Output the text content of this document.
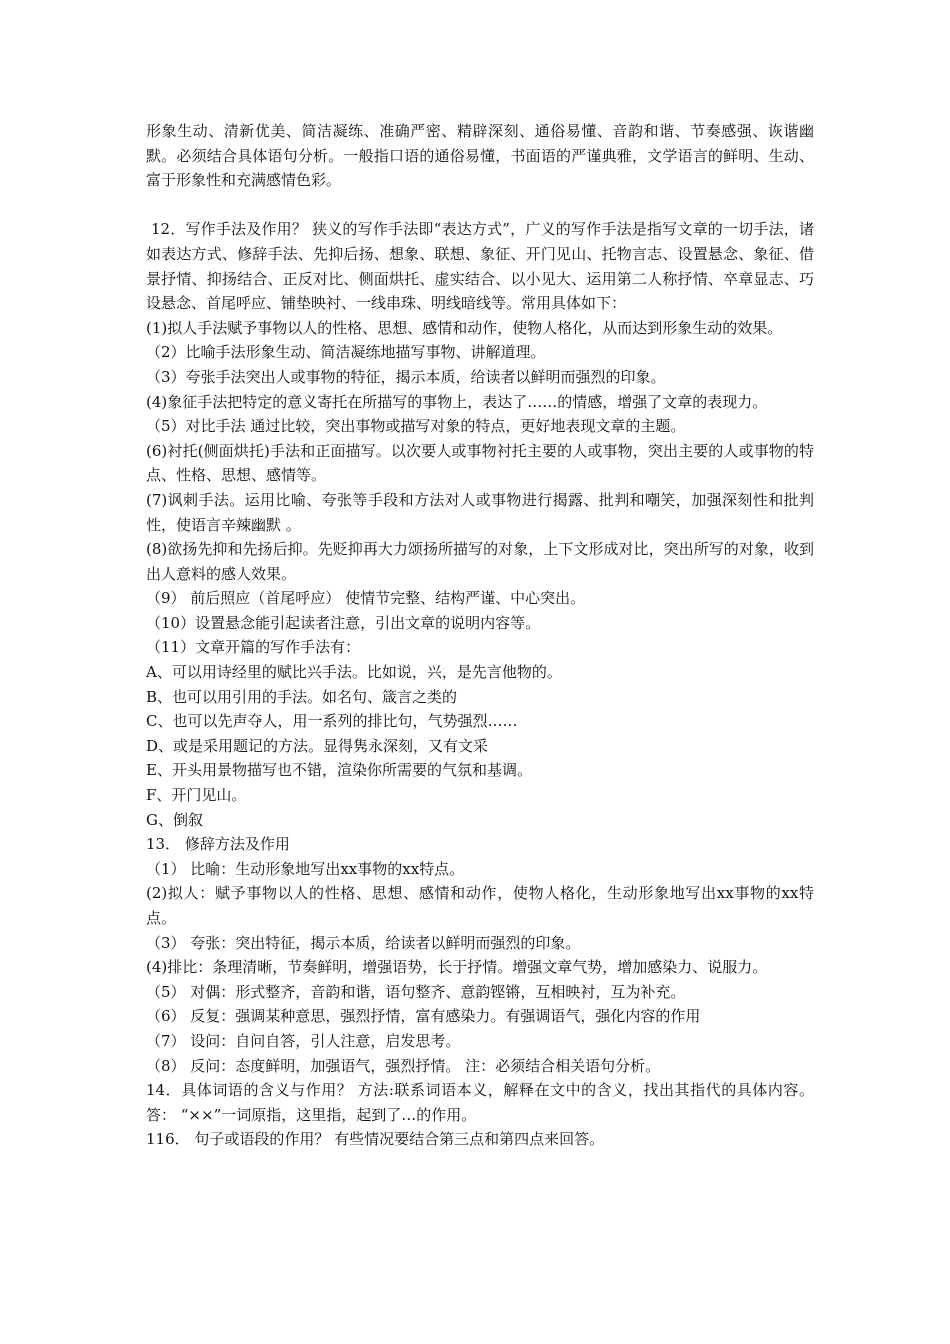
形象生动、清新优美、简洁凝练、准确严密、精辟深刻、通俗易懂、音韵和谐、节奏感强、诙谐幽默。必须结合具体语句分析。一般指口语的通俗易懂，书面语的严谨典雅，文学语言的鲜明、生动、富于形象性和充满感情色彩。

12．写作手法及作用？ 狭义的写作手法即“表达方式”，广义的写作手法是指写文章的一切手法，诸如表达方式、修辞手法、先抑后扬、想象、联想、象征、开门见山、托物言志、设置悬念、象征、借景抒情、抑扬结合、正反对比、侧面烘托、虚实结合、以小见大、运用第二人称抒情、卒章显志、巧设悬念、首尾呼应、铺垫映衬、一线串珠、明线暗线等。常用具体如下：

(1)拟人手法赋予事物以人的性格、思想、感情和动作，使物人格化，从而达到形象生动的效果。

（2）比喻手法形象生动、简洁凝练地描写事物、讲解道理。

（3）夸张手法突出人或事物的特征，揭示本质，给读者以鲜明而强烈的印象。

(4)象征手法把特定的意义寄托在所描写的事物上，表达了……的情感，增强了文章的表现力。

（5）对比手法 通过比较，突出事物或描写对象的特点，更好地表现文章的主题。

(6)衬托(侧面烘托)手法和正面描写。以次要人或事物衬托主要的人或事物，突出主要的人或事物的特点、性格、思想、感情等。

(7)讽刺手法。运用比喻、夸张等手段和方法对人或事物进行揭露、批判和嘲笑，加强深刻性和批判性，使语言辛辣幽默 。

(8)欲扬先抑和先扬后抑。先贬抑再大力颂扬所描写的对象，上下文形成对比，突出所写的对象，收到出人意料的感人效果。

（9） 前后照应（首尾呼应） 使情节完整、结构严谨、中心突出。

（10）设置悬念能引起读者注意，引出文章的说明内容等。

（11）文章开篇的写作手法有：

A、可以用诗经里的赋比兴手法。比如说，兴，是先言他物的。

B、也可以用引用的手法。如名句、箴言之类的

C、也可以先声夺人，用一系列的排比句，气势强烈……

D、或是采用题记的方法。显得隽永深刻，又有文采

E、开头用景物描写也不错，渲染你所需要的气氛和基调。

F、开门见山。

G、倒叙

13． 修辞方法及作用

（1） 比喻：生动形象地写出xx事物的xx特点。

(2)拟人：赋予事物以人的性格、思想、感情和动作，使物人格化，生动形象地写出xx事物的xx特点。

（3） 夸张：突出特征，揭示本质，给读者以鲜明而强烈的印象。

(4)排比：条理清晰，节奏鲜明，增强语势，长于抒情。增强文章气势，增加感染力、说服力。

（5） 对偶：形式整齐，音韵和谐，语句整齐、意韵铿锵，互相映衬，互为补充。

（6） 反复：强调某种意思，强烈抒情，富有感染力。有强调语气，强化内容的作用

（7） 设问：自问自答，引人注意，启发思考。

（8） 反问：态度鲜明，加强语气，强烈抒情。 注：必须结合相关语句分析。

14．具体词语的含义与作用？ 方法:联系词语本义，解释在文中的含义，找出其指代的具体内容。 答： “××”一词原指，这里指，起到了…的作用。

116． 句子或语段的作用？ 有些情况要结合第三点和第四点来回答。
